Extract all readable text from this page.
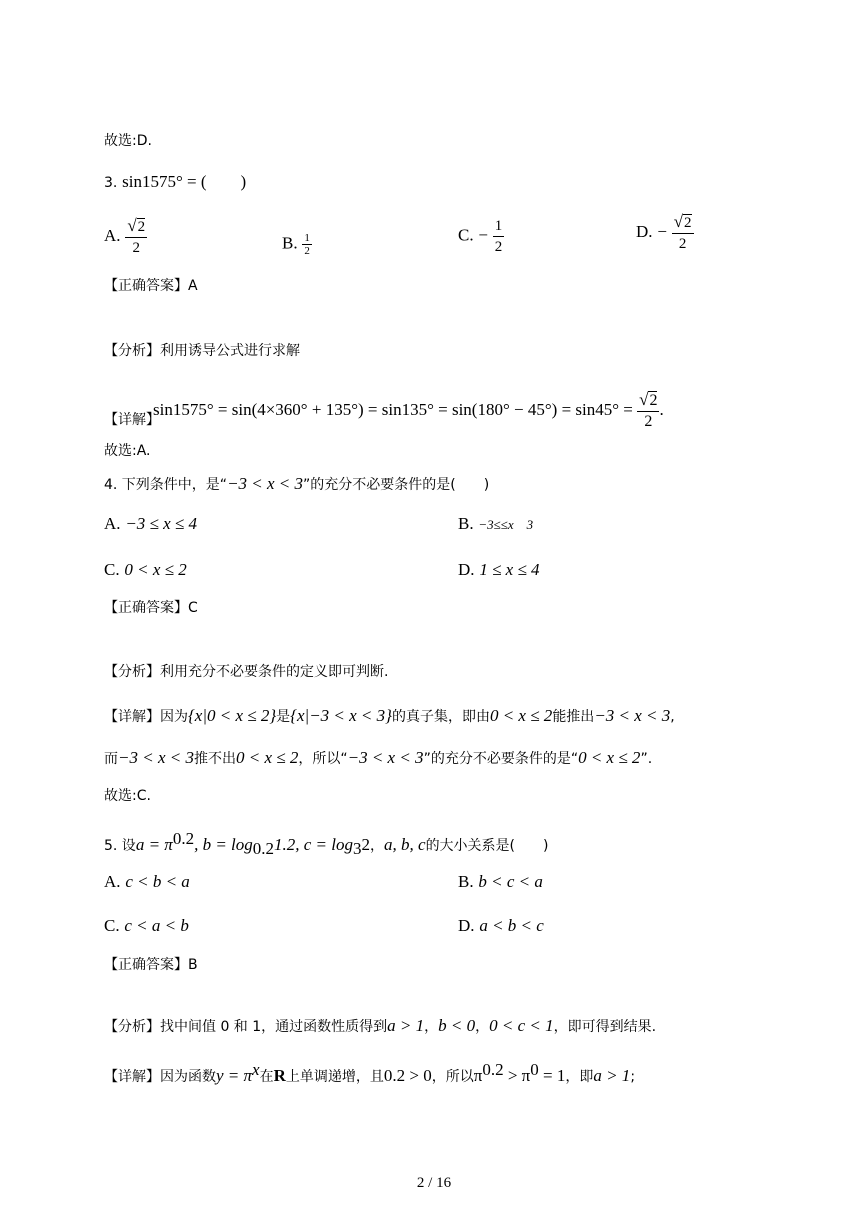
故选:D.
3. sin1575° = (　　)
A. $\frac{√2}{2}$	B. $\frac{1}{2}$	C. − $\frac{1}{2}$	D. − $\frac{√2}{2}$
【正确答案】A
【分析】利用诱导公式进行求解
$\sin 1575^\circ = \sin(4\times 360^\circ + 135^\circ) = \sin 135^\circ = \sin(180^\circ - 45^\circ) = \sin 45^\circ = \frac{√2}{2}$ .
【详解】
故选:A.
4. 下列条件中，是“−3 < x < 3”的充分不必要条件的是(　　)
A. −3 ≤ x ≤ 4	B. −3≤≤x　3
C. 0 < x ≤ 2	D. 1 ≤ x ≤ 4
【正确答案】C
【分析】利用充分不必要条件的定义即可判断.
【详解】因为{x|0 < x ≤ 2}是{x|−3 < x < 3}的真子集，即由0 < x ≤ 2能推出−3 < x < 3,
而−3 < x < 3推不出0 < x ≤ 2，所以“−3 < x < 3”的充分不必要条件的是“0 < x ≤ 2”.
故选:C.
5. 设$a = \pi^{0.2}$, $b = \log_{0.2}1.2$, $c = \log_32$，a, b, c的大小关系是(　　)
A. c < b < a	B. b < c < a
C. c < a < b	D. a < b < c
【正确答案】B
【分析】找中间值 0 和 1，通过函数性质得到a > 1，b < 0，0 < c < 1，即可得到结果.
【详解】因为函数$y = \pi^x$在R上单调递增，且0.2 > 0，所以$\pi^{0.2} > \pi^0 = 1$，即a > 1;
2 / 16
